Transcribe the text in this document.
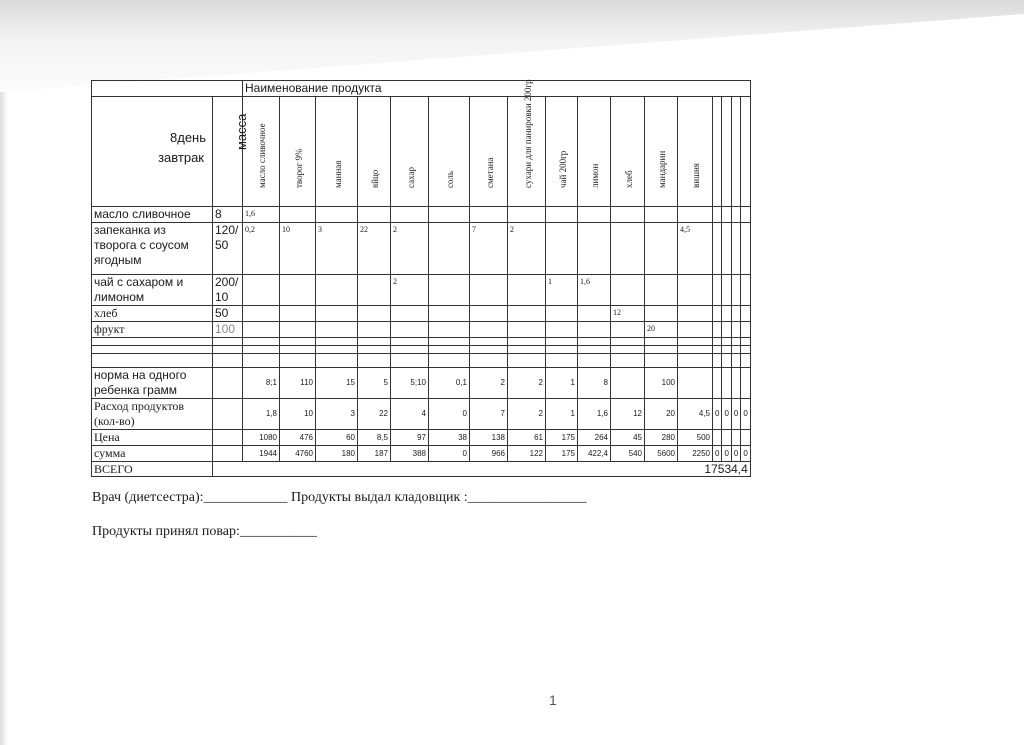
		Наименование продукта																

8день
завтрак	масса	масло сливочное	творог 9%	манная	яйцо	сахар	соль	сметана	сухари для панировки 200гр	чай 200гр	лимон	хлеб	мандарин	вишня				

масло сливочное	8	1,6																
запеканка из творога с соусом ягодным	120/ 50	0,2	10	3	22	2		7	2					4,5				
чай с сахаром и лимоном	200/ 10					2				1	1,6							
хлеб	50											12						
фрукт	100												20					

норма на одного ребенка грамм		8;1	110	15	5	5;10	0,1	2	2	1	8		100					
Расход продуктов (кол-во)		1,8	10	3	22	4	0	7	2	1	1,6	12	20	4,5	0	0	0	0
Цена		1080	476	60	8,5	97	38	138	61	175	264	45	280	500				
сумма		1944	4760	180	187	388	0	966	122	175	422,4	540	5600	2250	0	0	0	0
ВСЕГО	17534,4																	
Врач (диетсестра):____________ Продукты выдал кладовщик :_________________
Продукты принял повар:___________
1
